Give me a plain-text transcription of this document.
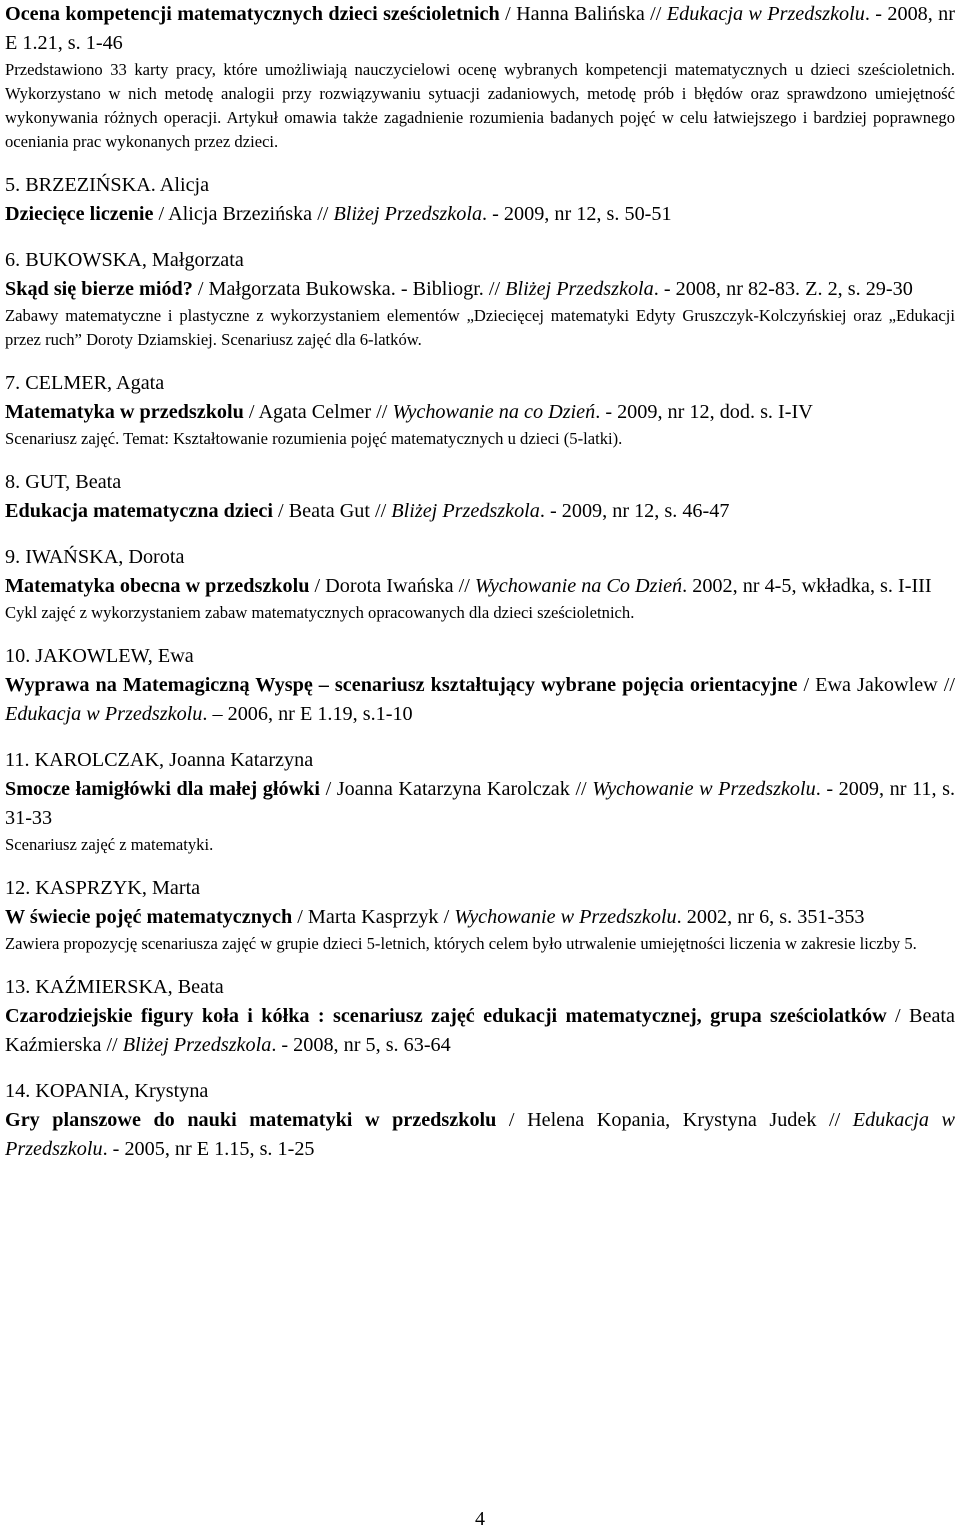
Ocena kompetencji matematycznych dzieci sześcioletnich / Hanna Balińska // Edukacja w Przedszkolu. - 2008, nr E 1.21, s. 1-46

Przedstawiono 33 karty pracy, które umożliwiają nauczycielowi ocenę wybranych kompetencji matematycznych u dzieci sześcioletnich. Wykorzystano w nich metodę analogii przy rozwiązywaniu sytuacji zadaniowych, metodę prób i błędów oraz sprawdzono umiejętność wykonywania różnych operacji. Artykuł omawia także zagadnienie rozumienia badanych pojęć w celu łatwiejszego i bardziej poprawnego oceniania prac wykonanych przez dzieci.

5. BRZEZIŃSKA. Alicja

Dziecięce liczenie / Alicja Brzezińska // Bliżej Przedszkola. - 2009, nr 12, s. 50-51

6. BUKOWSKA, Małgorzata

Skąd się bierze miód? / Małgorzata Bukowska. - Bibliogr. // Bliżej Przedszkola. - 2008, nr 82-83. Z. 2, s. 29-30

Zabawy matematyczne i plastyczne z wykorzystaniem elementów „Dziecięcej matematyki Edyty Gruszczyk-Kolczyńskiej oraz „Edukacji przez ruch” Doroty Dziamskiej. Scenariusz zajęć dla 6-latków.

7. CELMER, Agata

Matematyka w przedszkolu / Agata Celmer // Wychowanie na co Dzień. - 2009, nr 12, dod. s. I-IV

Scenariusz zajęć. Temat: Kształtowanie rozumienia pojęć matematycznych u dzieci (5-latki).

8. GUT, Beata

Edukacja matematyczna dzieci / Beata Gut // Bliżej Przedszkola. - 2009, nr 12, s. 46-47

9. IWAŃSKA, Dorota

Matematyka obecna w przedszkolu / Dorota Iwańska // Wychowanie na Co Dzień. 2002, nr 4-5, wkładka, s. I-III

Cykl zajęć z wykorzystaniem zabaw matematycznych opracowanych dla dzieci sześcioletnich.

10. JAKOWLEW, Ewa

Wyprawa na Matemagiczną Wyspę – scenariusz kształtujący wybrane pojęcia orientacyjne / Ewa Jakowlew // Edukacja w Przedszkolu. – 2006, nr E 1.19, s.1-10

11. KAROLCZAK, Joanna Katarzyna

Smocze łamigłówki dla małej główki / Joanna Katarzyna Karolczak // Wychowanie w Przedszkolu. - 2009, nr 11, s. 31-33

Scenariusz zajęć z matematyki.

12. KASPRZYK, Marta

W świecie pojęć matematycznych / Marta Kasprzyk / Wychowanie w Przedszkolu. 2002, nr 6, s. 351-353

Zawiera propozycję scenariusza zajęć w grupie dzieci 5-letnich, których celem było utrwalenie umiejętności liczenia w zakresie liczby 5.

13. KAŹMIERSKA, Beata

Czarodziejskie figury koła i kółka : scenariusz zajęć edukacji matematycznej, grupa sześciolatków / Beata Kaźmierska // Bliżej Przedszkola. - 2008, nr 5, s. 63-64

14. KOPANIA, Krystyna

Gry planszowe do nauki matematyki w przedszkolu / Helena Kopania, Krystyna Judek // Edukacja w Przedszkolu. - 2005, nr E 1.15, s. 1-25

4
